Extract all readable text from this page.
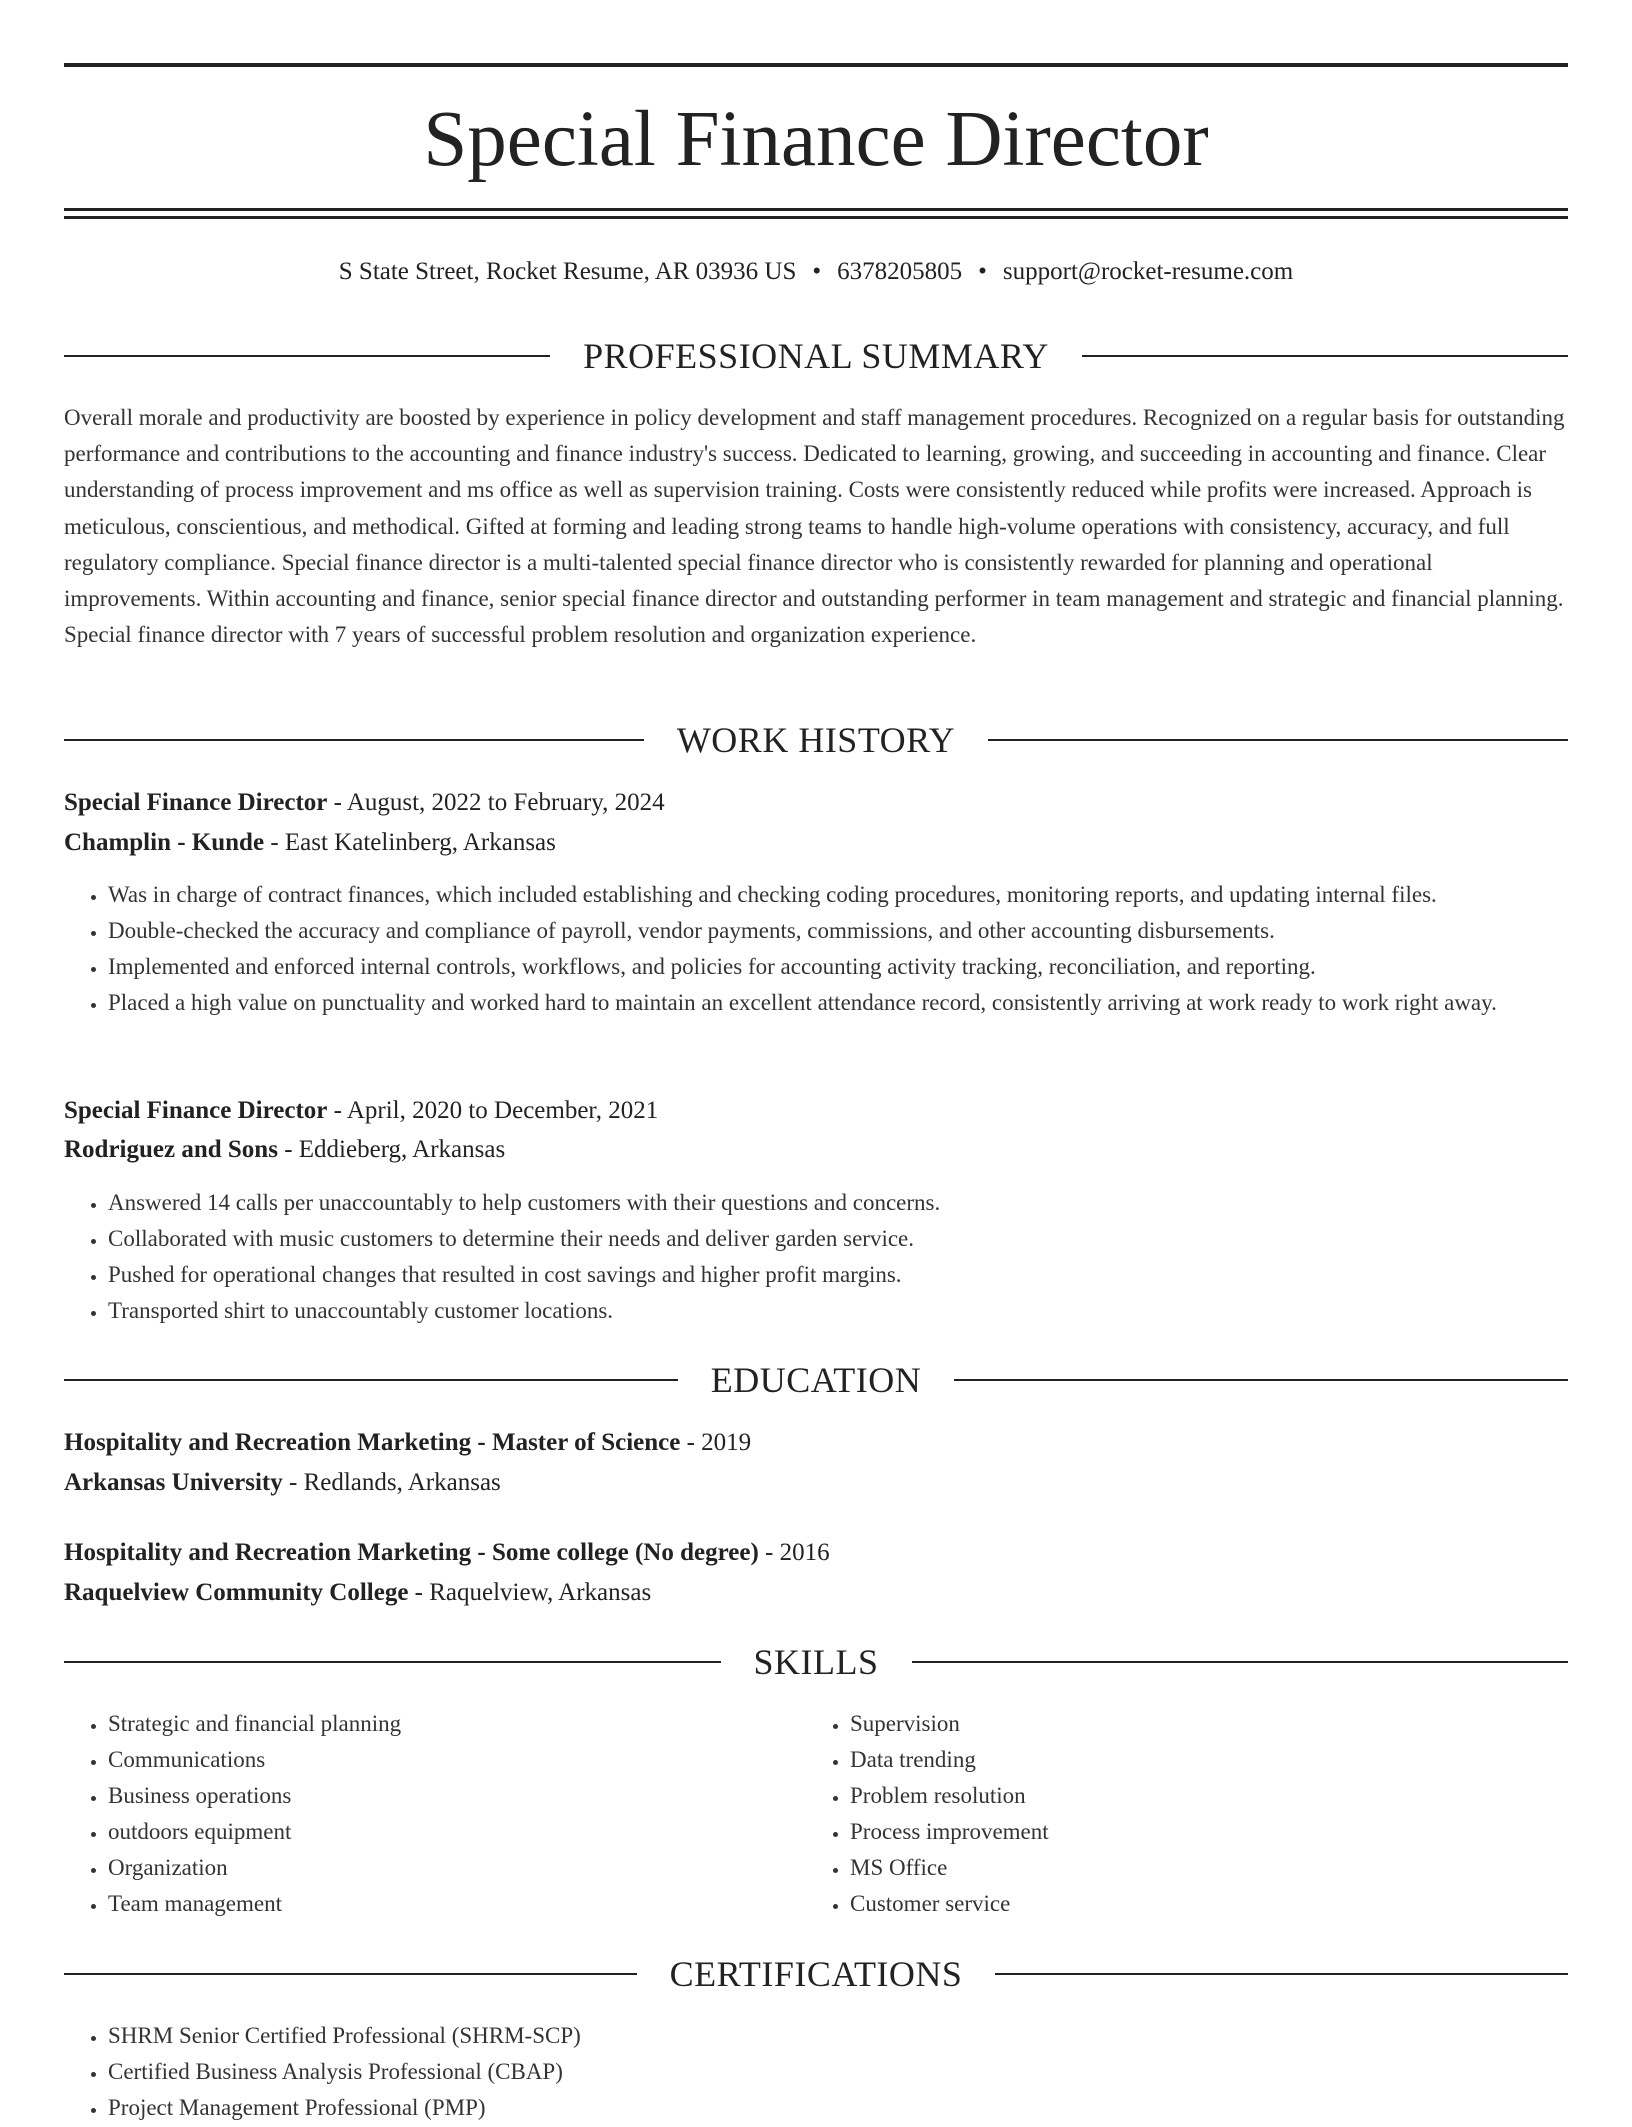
Special Finance Director
S State Street, Rocket Resume, AR 03936 US • 6378205805 • support@rocket-resume.com
PROFESSIONAL SUMMARY

Overall morale and productivity are boosted by experience in policy development and staff management procedures. Recognized on a regular basis for outstanding performance and contributions to the accounting and finance industry's success. Dedicated to learning, growing, and succeeding in accounting and finance. Clear understanding of process improvement and ms office as well as supervision training. Costs were consistently reduced while profits were increased. Approach is meticulous, conscientious, and methodical. Gifted at forming and leading strong teams to handle high-volume operations with consistency, accuracy, and full regulatory compliance. Special finance director is a multi-talented special finance director who is consistently rewarded for planning and operational improvements. Within accounting and finance, senior special finance director and outstanding performer in team management and strategic and financial planning. Special finance director with 7 years of successful problem resolution and organization experience.

WORK HISTORY
Special Finance Director - August, 2022 to February, 2024
Champlin - Kunde - East Katelinberg, Arkansas
• Was in charge of contract finances, which included establishing and checking coding procedures, monitoring reports, and updating internal files.
• Double-checked the accuracy and compliance of payroll, vendor payments, commissions, and other accounting disbursements.
• Implemented and enforced internal controls, workflows, and policies for accounting activity tracking, reconciliation, and reporting.
• Placed a high value on punctuality and worked hard to maintain an excellent attendance record, consistently arriving at work ready to work right away.
Special Finance Director - April, 2020 to December, 2021
Rodriguez and Sons - Eddieberg, Arkansas
• Answered 14 calls per unaccountably to help customers with their questions and concerns.
• Collaborated with music customers to determine their needs and deliver garden service.
• Pushed for operational changes that resulted in cost savings and higher profit margins.
• Transported shirt to unaccountably customer locations.
EDUCATION
Hospitality and Recreation Marketing - Master of Science - 2019
Arkansas University - Redlands, Arkansas
Hospitality and Recreation Marketing - Some college (No degree) - 2016
Raquelview Community College - Raquelview, Arkansas
SKILLS
• Strategic and financial planning
• Communications
• Business operations
• outdoors equipment
• Organization
• Team management
• Supervision
• Data trending
• Problem resolution
• Process improvement
• MS Office
• Customer service
CERTIFICATIONS
• SHRM Senior Certified Professional (SHRM-SCP)
• Certified Business Analysis Professional (CBAP)
• Project Management Professional (PMP)
